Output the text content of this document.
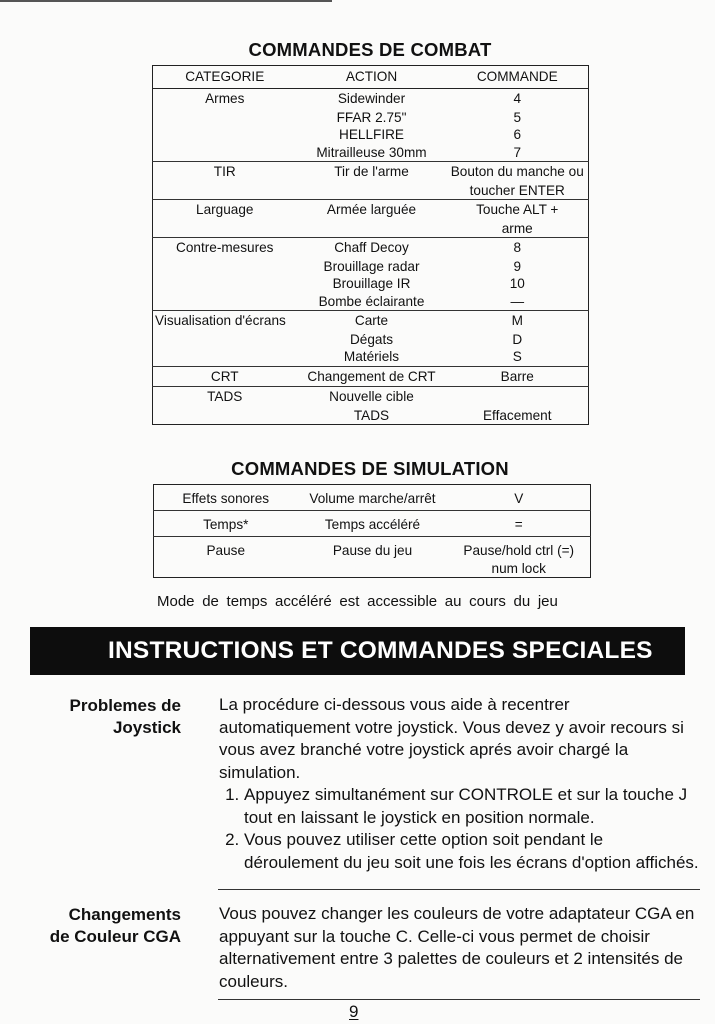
COMMANDES DE COMBAT
CATEGORIE	ACTION	COMMANDE
Armes	Sidewinder	4
	FFAR 2.75"	5
	HELLFIRE	6
	Mitrailleuse 30mm	7
TIR	Tir de l'arme	Bouton du manche ou
		toucher ENTER
Larguage	Armée larguée	Touche ALT +
		arme
Contre-mesures	Chaff Decoy	8
	Brouillage radar	9
	Brouillage IR	10
	Bombe éclairante	—
Visualisation d'écrans	Carte	M
	Dégats	D
	Matériels	S
CRT	Changement de CRT	Barre
TADS	Nouvelle cible	
	TADS	Effacement
COMMANDES DE SIMULATION
Effets sonores	Volume marche/arrêt	V

Temps*	Temps accéléré	=

Pause	Pause du jeu	Pause/hold ctrl (=)
num lock
Mode de temps accéléré est accessible au cours du jeu
INSTRUCTIONS ET COMMANDES SPECIALES
Problemes de
Joystick

La procédure ci-dessous vous aide à recentrer automatiquement votre joystick. Vous devez y avoir recours si vous avez branché votre joystick aprés avoir chargé la simulation.

1. Appuyez simultanément sur CONTROLE et sur la touche J tout en laissant le joystick en position normale.
2. Vous pouvez utiliser cette option soit pendant le déroulement du jeu soit une fois les écrans d'option affichés.
Changements
de Couleur CGA

Vous pouvez changer les couleurs de votre adaptateur CGA en appuyant sur la touche C. Celle-ci vous permet de choisir alternativement entre 3 palettes de couleurs et 2 intensités de couleurs.

9
